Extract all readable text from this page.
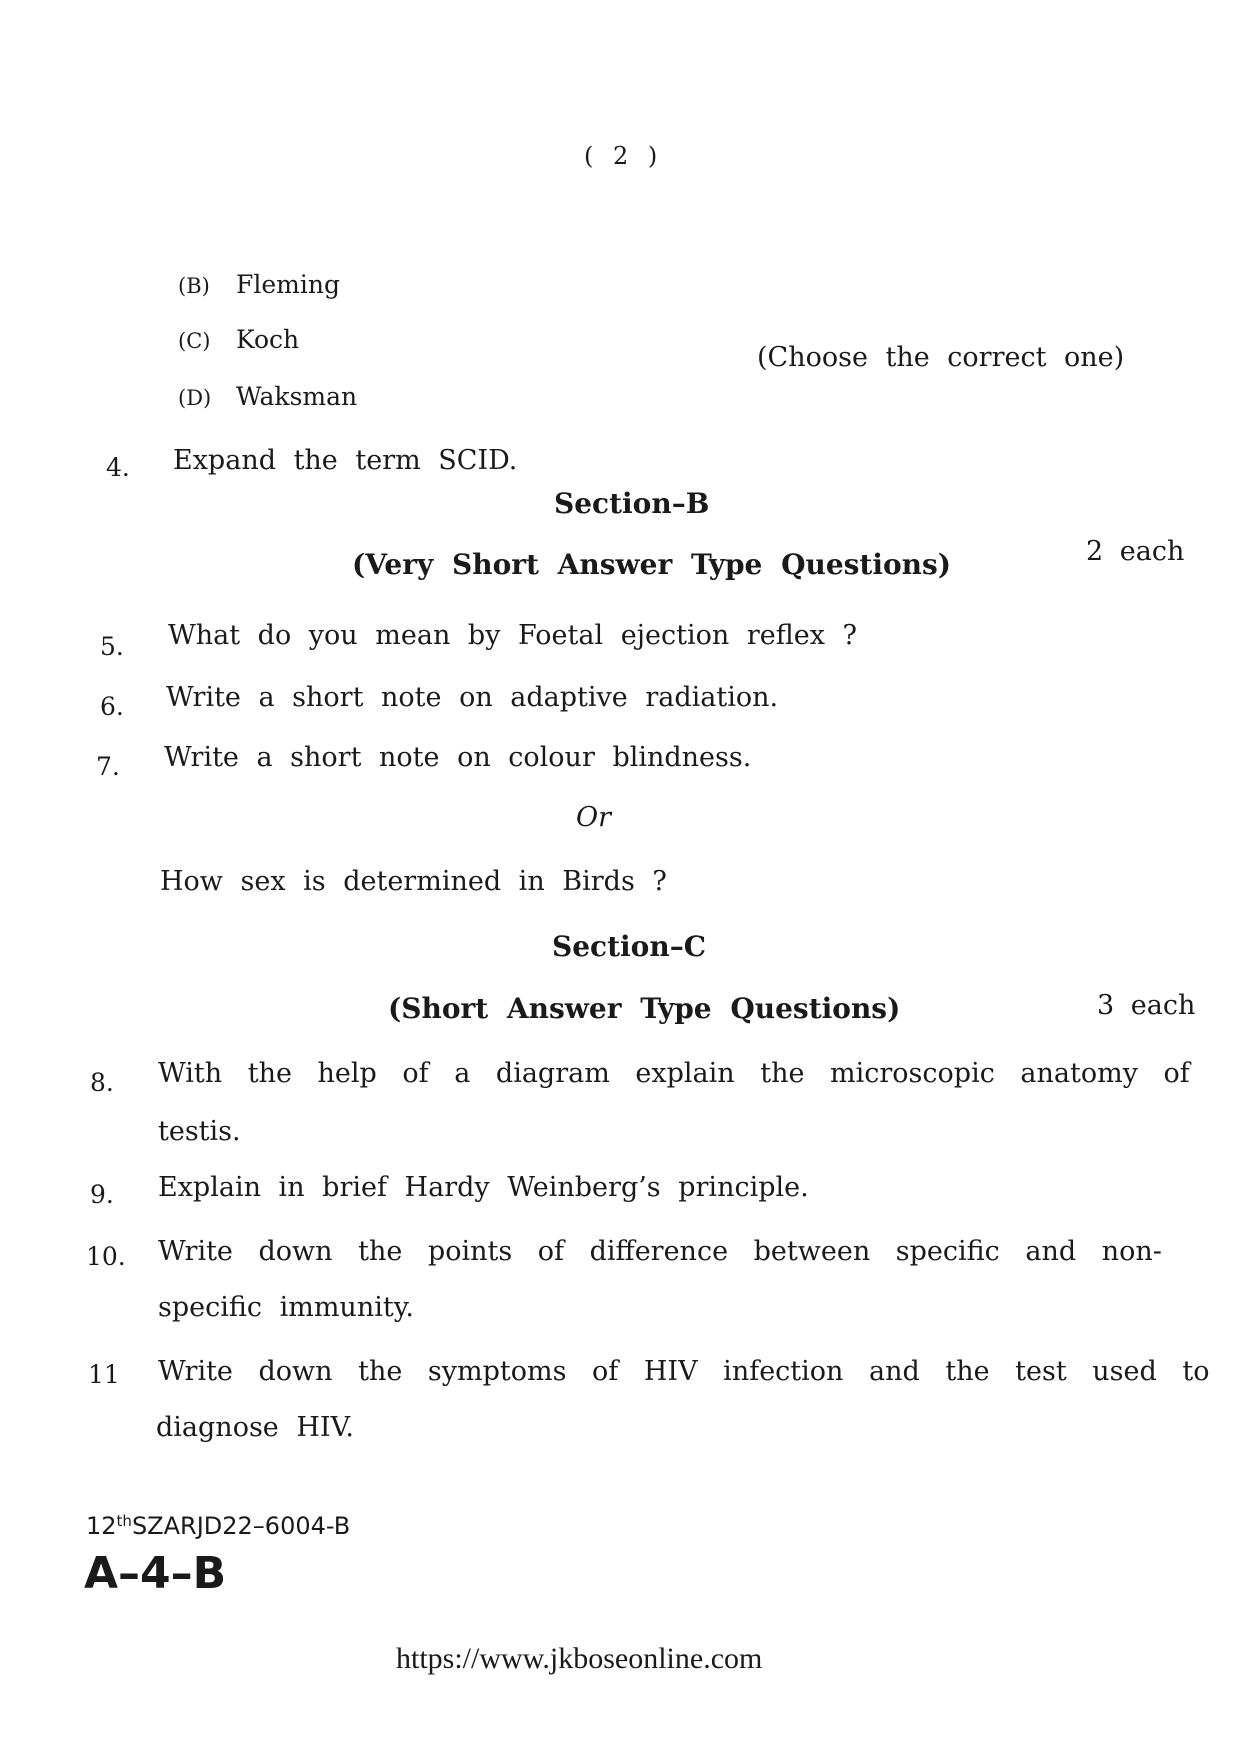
( 2 )
(B) Fleming
(C) Koch
(D) Waksman
(Choose the correct one)
4. Expand the term SCID.
Section–B
(Very Short Answer Type Questions)	2 each
5. What do you mean by Foetal ejection reflex ?
6. Write a short note on adaptive radiation.
7. Write a short note on colour blindness.
Or
How sex is determined in Birds ?
Section–C
(Short Answer Type Questions)	3 each
8. With the help of a diagram explain the microscopic anatomy of
testis.
9. Explain in brief Hardy Weinberg’s principle.
10. Write down the points of difference between specific and non-
specific immunity.
11 Write down the symptoms of HIV infection and the test used to
diagnose HIV.
12thSZARJD22–6004-B
A–4–B
https://www.jkboseonline.com
